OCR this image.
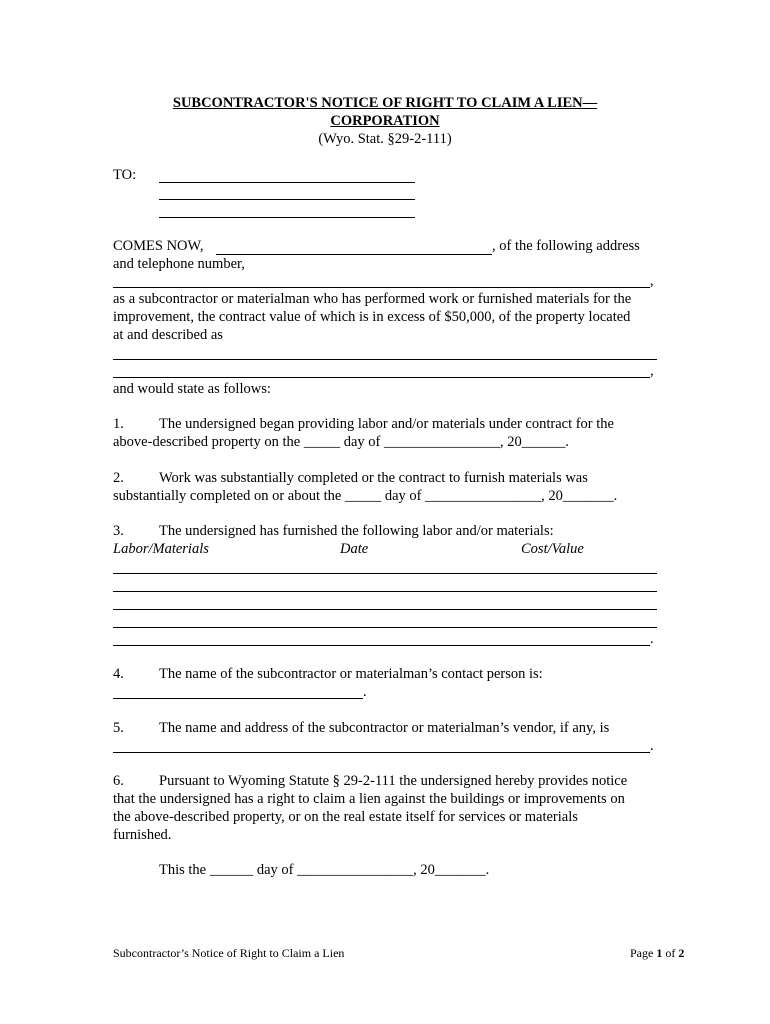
SUBCONTRACTOR'S NOTICE OF RIGHT TO CLAIM A LIEN—
CORPORATION
(Wyo. Stat. §29-2-111)
TO:
COMES NOW,	, of the following address
and telephone number,
,
as a subcontractor or materialman who has performed work or furnished materials for the
improvement, the contract value of which is in excess of $50,000, of the property located
at and described as
,
and would state as follows:
1. The undersigned began providing labor and/or materials under contract for the
above-described property on the _____ day of ________________, 20______.
2. Work was substantially completed or the contract to furnish materials was
substantially completed on or about the _____ day of ________________, 20_______.
3. The undersigned has furnished the following labor and/or materials:
Labor/Materials	Date	Cost/Value
.
4. The name of the subcontractor or materialman’s contact person is:
.
5. The name and address of the subcontractor or materialman’s vendor, if any, is
.
6. Pursuant to Wyoming Statute § 29-2-111 the undersigned hereby provides notice
that the undersigned has a right to claim a lien against the buildings or improvements on
the above-described property, or on the real estate itself for services or materials
furnished.
This the ______ day of ________________, 20_______.
Subcontractor’s Notice of Right to Claim a Lien	Page 1 of 2
